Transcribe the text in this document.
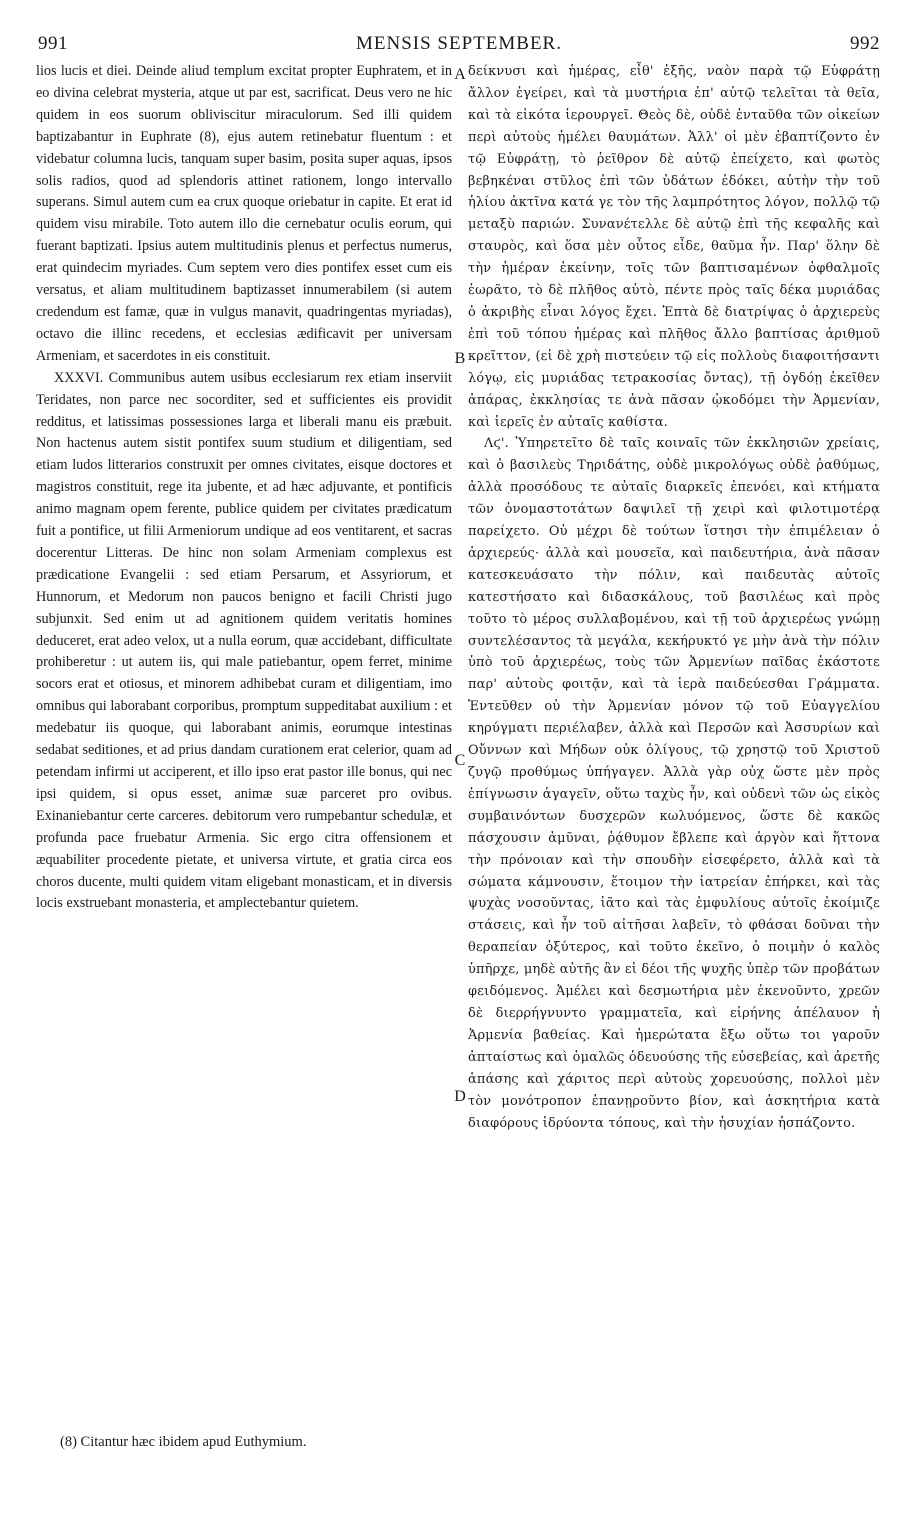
991	MENSIS SEPTEMBER.	992

lios lucis et diei. Deinde aliud templum excitat propter Euphratem, et in eo divina celebrat mysteria, atque ut par est, sacrificat. Deus vero ne hic quidem in eos suorum obliviscitur miraculorum. Sed illi quidem baptizabantur in Euphrate (8), ejus autem retinebatur fluentum : et videbatur columna lucis, tanquam super basim, posita super aquas, ipsos solis radios, quod ad splendoris attinet rationem, longo intervallo superans. Simul autem cum ea crux quoque oriebatur in capite. Et erat id quidem visu mirabile. Toto autem illo die cernebatur oculis eorum, qui fuerant baptizati. Ipsius autem multitudinis plenus et perfectus numerus, erat quindecim myriades. Cum septem vero dies pontifex esset cum eis versatus, et aliam multitudinem baptizasset innumerabilem (si autem credendum est famæ, quæ in vulgus manavit, quadringentas myriadas), octavo die illinc recedens, et ecclesias ædificavit per universam Armeniam, et sacerdotes in eis constituit.

XXXVI. Communibus autem usibus ecclesiarum rex etiam inserviit Teridates, non parce nec socorditer, sed et sufficientes eis providit redditus, et latissimas possessiones larga et liberali manu eis præbuit. Non hactenus autem sistit pontifex suum studium et diligentiam, sed etiam ludos litterarios construxit per omnes civitates, eisque doctores et magistros constituit, rege ita jubente, et ad hæc adjuvante, et pontificis animo magnam opem ferente, publice quidem per civitates prædicatum fuit a pontifice, ut filii Armeniorum undique ad eos ventitarent, et sacras docerentur Litteras. De hinc non solam Armeniam complexus est prædicatione Evangelii : sed etiam Persarum, et Assyriorum, et Hunnorum, et Medorum non paucos benigno et facili Christi jugo subjunxit. Sed enim ut ad agnitionem quidem veritatis homines deduceret, erat adeo velox, ut a nulla eorum, quæ accidebant, difficultate prohiberetur : ut autem iis, qui male patiebantur, opem ferret, minime socors erat et otiosus, et minorem adhibebat curam et diligentiam, imo omnibus qui laborabant corporibus, promptum suppeditabat auxilium : et medebatur iis quoque, qui laborabant animis, eorumque intestinas sedabat seditiones, et ad prius dandam curationem erat celerior, quam ad petendam infirmi ut acciperent, et illo ipso erat pastor ille bonus, qui nec ipsi quidem, si opus esset, animæ suæ parceret pro ovibus. Exinaniebantur certe carceres. debitorum vero rumpebantur schedulæ, et profunda pace fruebatur Armenia. Sic ergo citra offensionem et æquabiliter procedente pietate, et universa virtute, et gratia circa eos choros ducente, multi quidem vitam eligebant monasticam, et in diversis locis exstruebant monasteria, et amplectebantur quietem.

A
B
C
D

δείκνυσι καὶ ἡμέρας, εἶθ' ἑξῆς, ναὸν παρὰ τῷ Εὐφράτῃ ἄλλον ἐγείρει, καὶ τὰ μυστήρια ἐπ' αὐτῷ τελεῖται τὰ θεῖα, καὶ τὰ εἰκότα ἱερουργεῖ. Θεὸς δὲ, οὐδὲ ἐνταῦθα τῶν οἰκείων περὶ αὐτοὺς ἠμέλει θαυμάτων. Ἀλλ' οἱ μὲν ἐβαπτίζοντο ἐν τῷ Εὐφράτῃ, τὸ ῥεῖθρον δὲ αὐτῷ ἐπείχετο, καὶ φωτὸς βεβηκέναι στῦλος ἐπὶ τῶν ὑδάτων ἐδόκει, αὐτὴν τὴν τοῦ ἡλίου ἀκτῖνα κατά γε τὸν τῆς λαμπρότητος λόγον, πολλῷ τῷ μεταξὺ παριών. Συνανέτελλε δὲ αὐτῷ ἐπὶ τῆς κεφαλῆς καὶ σταυρὸς, καὶ ὅσα μὲν οὗτος εἶδε, θαῦμα ἦν. Παρ' ὅλην δὲ τὴν ἡμέραν ἐκείνην, τοῖς τῶν βαπτισαμένων ὀφθαλμοῖς ἑωρᾶτο, τὸ δὲ πλῆθος αὐτὸ, πέντε πρὸς ταῖς δέκα μυριάδας ὁ ἀκριβὴς εἶναι λόγος ἔχει. Ἑπτὰ δὲ διατρίψας ὁ ἀρχιερεὺς ἐπὶ τοῦ τόπου ἡμέρας καὶ πλῆθος ἄλλο βαπτίσας ἀριθμοῦ κρεῖττον, (εἰ δὲ χρὴ πιστεύειν τῷ εἰς πολλοὺς διαφοιτήσαντι λόγῳ, εἰς μυριάδας τετρακοσίας ὄντας), τῇ ὀγδόῃ ἐκεῖθεν ἀπάρας, ἐκκλησίας τε ἀνὰ πᾶσαν ᾠκοδόμει τὴν Ἀρμενίαν, καὶ ἱερεῖς ἐν αὐταῖς καθίστα.

Λϛ'. Ὑπηρετεῖτο δὲ ταῖς κοιναῖς τῶν ἐκκλησιῶν χρείαις, καὶ ὁ βασιλεὺς Τηριδάτης, οὐδὲ μικρολόγως οὐδὲ ῥαθύμως, ἀλλὰ προσόδους τε αὐταῖς διαρκεῖς ἐπενόει, καὶ κτήματα τῶν ὀνομαστοτάτων δαψιλεῖ τῇ χειρὶ καὶ φιλοτιμοτέρᾳ παρείχετο. Οὐ μέχρι δὲ τούτων ἵστησι τὴν ἐπιμέλειαν ὁ ἀρχιερεύς· ἀλλὰ καὶ μουσεῖα, καὶ παιδευτήρια, ἀνὰ πᾶσαν κατεσκευάσατο τὴν πόλιν, καὶ παιδευτὰς αὐτοῖς κατεστήσατο καὶ διδασκάλους, τοῦ βασιλέως καὶ πρὸς τοῦτο τὸ μέρος συλλαβομένου, καὶ τῇ τοῦ ἀρχιερέως γνώμῃ συντελέσαντος τὰ μεγάλα, κεκήρυκτό γε μὴν ἀνὰ τὴν πόλιν ὑπὸ τοῦ ἀρχιερέως, τοὺς τῶν Ἀρμενίων παῖδας ἑκάστοτε παρ' αὐτοὺς φοιτᾷν, καὶ τὰ ἱερὰ παιδεύεσθαι Γράμματα. Ἐντεῦθεν οὐ τὴν Ἀρμενίαν μόνον τῷ τοῦ Εὐαγγελίου κηρύγματι περιέλαβεν, ἀλλὰ καὶ Περσῶν καὶ Ἀσσυρίων καὶ Οὔννων καὶ Μήδων οὐκ ὀλίγους, τῷ χρηστῷ τοῦ Χριστοῦ ζυγῷ προθύμως ὑπήγαγεν. Ἀλλὰ γὰρ οὐχ ὥστε μὲν πρὸς ἐπίγνωσιν ἀγαγεῖν, οὕτω ταχὺς ἦν, καὶ οὐδενὶ τῶν ὡς εἰκὸς συμβαινόντων δυσχερῶν κωλυόμενος, ὥστε δὲ κακῶς πάσχουσιν ἀμῦναι, ῥᾴθυμον ἔβλεπε καὶ ἀργὸν καὶ ἥττονα τὴν πρόνοιαν καὶ τὴν σπουδὴν εἰσεφέρετο, ἀλλὰ καὶ τὰ σώματα κάμνουσιν, ἕτοιμον τὴν ἰατρείαν ἐπήρκει, καὶ τὰς ψυχὰς νοσοῦντας, ἰᾶτο καὶ τὰς ἐμφυλίους αὐτοῖς ἐκοίμιζε στάσεις, καὶ ἦν τοῦ αἰτῆσαι λαβεῖν, τὸ φθάσαι δοῦναι τὴν θεραπείαν ὀξύτερος, καὶ τοῦτο ἐκεῖνο, ὁ ποιμὴν ὁ καλὸς ὑπῆρχε, μηδὲ αὐτῆς ἂν εἰ δέοι τῆς ψυχῆς ὑπὲρ τῶν προβάτων φειδόμενος. Ἀμέλει καὶ δεσμωτήρια μὲν ἐκενοῦντο, χρεῶν δὲ διερρήγνυντο γραμματεῖα, καὶ εἰρήνης ἀπέλαυον ἡ Ἀρμενία βαθείας. Καὶ ἡμερώτατα ἔξω οὕτω τοι γαροῦν ἀπταίστως καὶ ὁμαλῶς ὁδευούσης τῆς εὐσεβείας, καὶ ἀρετῆς ἁπάσης καὶ χάριτος περὶ αὐτοὺς χορευούσης, πολλοὶ μὲν τὸν μονότροπον ἐπανῃροῦντο βίον, καὶ ἀσκητήρια κατὰ διαφόρους ἱδρύοντα τόπους, καὶ τὴν ἡσυχίαν ἠσπάζοντο.

(8) Citantur hæc ibidem apud Euthymium.
